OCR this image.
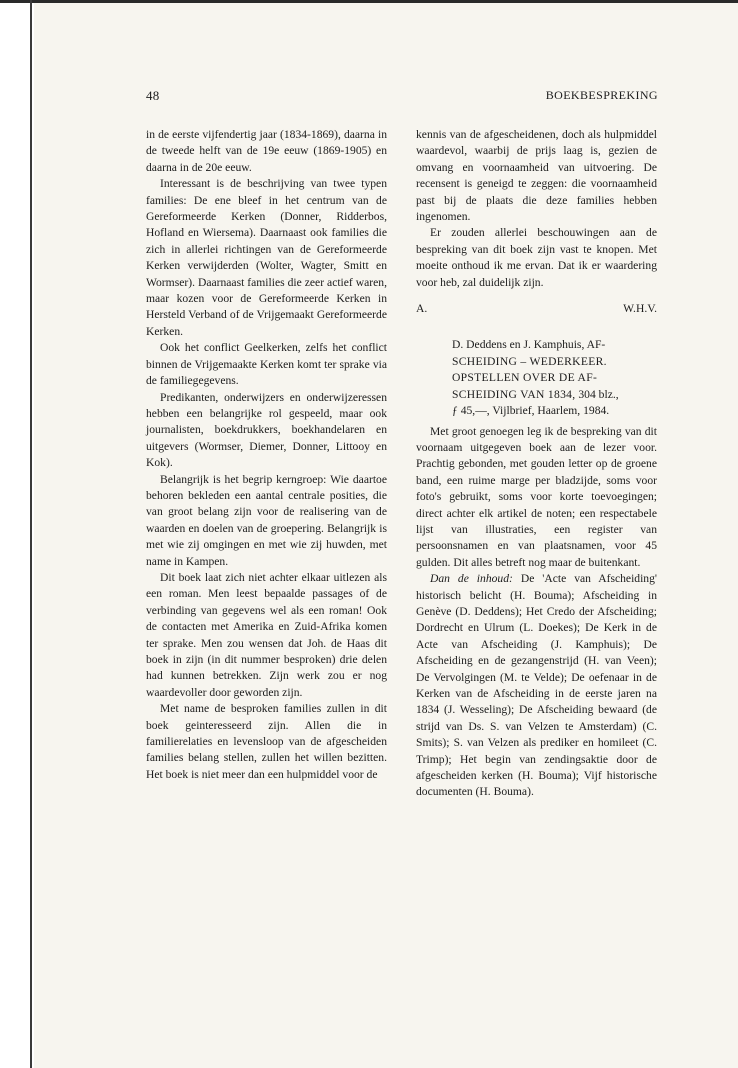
48	BOEKBESPREKING

in de eerste vijfendertig jaar (1834-1869), daarna in de tweede helft van de 19e eeuw (1869-1905) en daarna in de 20e eeuw.

Interessant is de beschrijving van twee typen families: De ene bleef in het centrum van de Gereformeerde Kerken (Donner, Ridderbos, Hofland en Wiersema). Daarnaast ook families die zich in allerlei richtingen van de Gereformeerde Kerken verwijderden (Wolter, Wagter, Smitt en Wormser). Daarnaast families die zeer actief waren, maar kozen voor de Gereformeerde Kerken in Hersteld Verband of de Vrijgemaakt Gereformeerde Kerken.

Ook het conflict Geelkerken, zelfs het conflict binnen de Vrijgemaakte Kerken komt ter sprake via de familiegegevens.

Predikanten, onderwijzers en onderwijzeressen hebben een belangrijke rol gespeeld, maar ook journalisten, boekdrukkers, boekhandelaren en uitgevers (Wormser, Diemer, Donner, Littooy en Kok).

Belangrijk is het begrip kerngroep: Wie daartoe behoren bekleden een aantal centrale posities, die van groot belang zijn voor de realisering van de waarden en doelen van de groepering. Belangrijk is met wie zij omgingen en met wie zij huwden, met name in Kampen.

Dit boek laat zich niet achter elkaar uitlezen als een roman. Men leest bepaalde passages of de verbinding van gegevens wel als een roman! Ook de contacten met Amerika en Zuid-Afrika komen ter sprake. Men zou wensen dat Joh. de Haas dit boek in zijn (in dit nummer besproken) drie delen had kunnen betrekken. Zijn werk zou er nog waardevoller door geworden zijn.

Met name de besproken families zullen in dit boek geinteresseerd zijn. Allen die in familierelaties en levensloop van de afgescheiden families belang stellen, zullen het willen bezitten. Het boek is niet meer dan een hulpmiddel voor de

kennis van de afgescheidenen, doch als hulpmiddel waardevol, waarbij de prijs laag is, gezien de omvang en voornaamheid van uitvoering. De recensent is geneigd te zeggen: die voornaamheid past bij de plaats die deze families hebben ingenomen.

Er zouden allerlei beschouwingen aan de bespreking van dit boek zijn vast te knopen. Met moeite onthoud ik me ervan. Dat ik er waardering voor heb, zal duidelijk zijn.

A.	W.H.V.
D. Deddens en J. Kamphuis, AF-
SCHEIDING – WEDERKEER.
OPSTELLEN OVER DE AF-
SCHEIDING VAN 1834, 304 blz.,
ƒ 45,—, Vijlbrief, Haarlem, 1984.

Met groot genoegen leg ik de bespreking van dit voornaam uitgegeven boek aan de lezer voor. Prachtig gebonden, met gouden letter op de groene band, een ruime marge per bladzijde, soms voor foto's gebruikt, soms voor korte toevoegingen; direct achter elk artikel de noten; een respectabele lijst van illustraties, een register van persoonsnamen en van plaatsnamen, voor 45 gulden. Dit alles betreft nog maar de buitenkant.

Dan de inhoud: De 'Acte van Afscheiding' historisch belicht (H. Bouma); Afscheiding in Genève (D. Deddens); Het Credo der Afscheiding; Dordrecht en Ulrum (L. Doekes); De Kerk in de Acte van Afscheiding (J. Kamphuis); De Afscheiding en de gezangenstrijd (H. van Veen); De Vervolgingen (M. te Velde); De oefenaar in de Kerken van de Afscheiding in de eerste jaren na 1834 (J. Wesseling); De Afscheiding bewaard (de strijd van Ds. S. van Velzen te Amsterdam) (C. Smits); S. van Velzen als prediker en homileet (C. Trimp); Het begin van zendingsaktie door de afgescheiden kerken (H. Bouma); Vijf historische documenten (H. Bouma).
